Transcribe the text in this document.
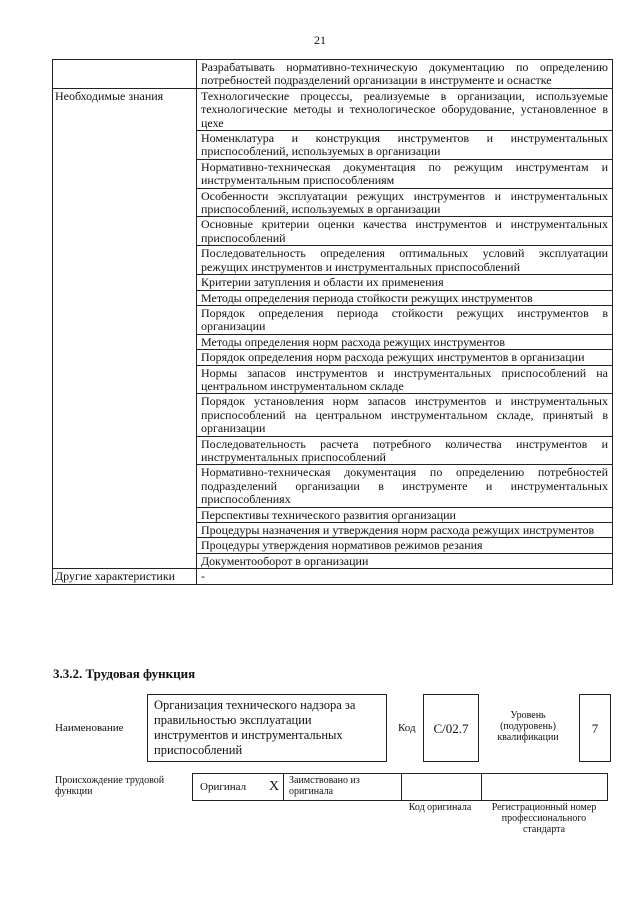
21
	Разрабатывать нормативно-техническую документацию по определению потребностей подразделений организации в инструменте и оснастке
Необходимые знания	Технологические процессы, реализуемые в организации, используемые технологические методы и технологическое оборудование, установленное в цехе
	Номенклатура и конструкция инструментов и инструментальных приспособлений, используемых в организации
	Нормативно-техническая документация по режущим инструментам и инструментальным приспособлениям
	Особенности эксплуатации режущих инструментов и инструментальных приспособлений, используемых в организации
	Основные критерии оценки качества инструментов и инструментальных приспособлений
	Последовательность определения оптимальных условий эксплуатации режущих инструментов и инструментальных приспособлений
	Критерии затупления и области их применения
	Методы определения периода стойкости режущих инструментов
	Порядок определения периода стойкости режущих инструментов в организации
	Методы определения норм расхода режущих инструментов
	Порядок определения норм расхода режущих инструментов в организации
	Нормы запасов инструментов и инструментальных приспособлений на центральном инструментальном складе
	Порядок установления норм запасов инструментов и инструментальных приспособлений на центральном инструментальном складе, принятый в организации
	Последовательность расчета потребного количества инструментов и инструментальных приспособлений
	Нормативно-техническая документация по определению потребностей подразделений организации в инструменте и инструментальных приспособлениях
	Перспективы технического развития организации
	Процедуры назначения и утверждения норм расхода режущих инструментов
	Процедуры утверждения нормативов режимов резания
	Документооборот в организации
Другие характеристики	-
3.3.2. Трудовая функция
Наименование
Организация технического надзора за правильностью эксплуатации инструментов и инструментальных приспособлений
Код	C/02.7
Уровень (подуровень) квалификации
7
Происхождение трудовой функции	Оригинал X Заимствовано из оригинала
Код оригинала	Регистрационный номер профессионального стандарта
